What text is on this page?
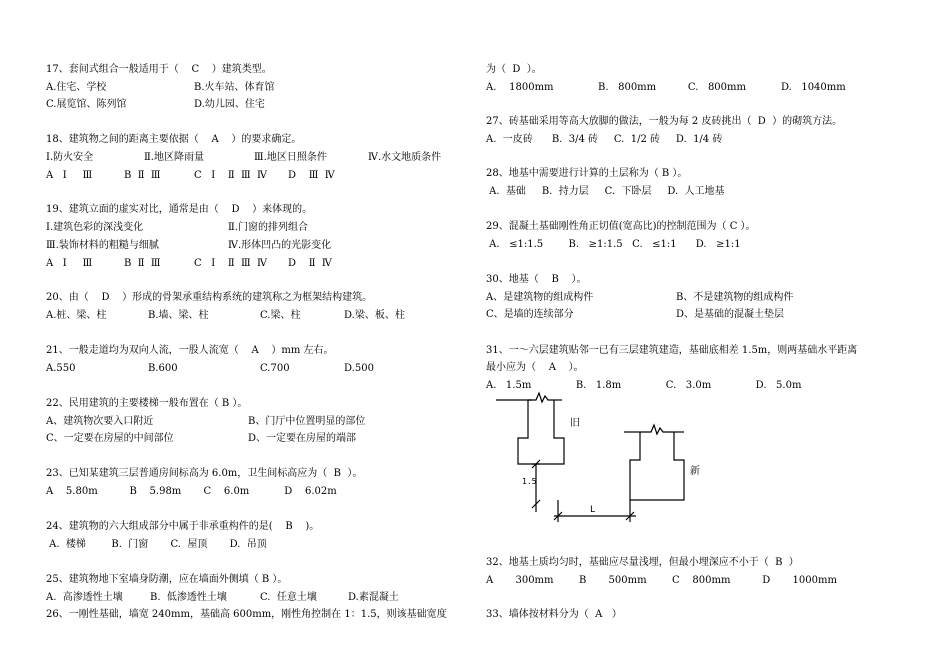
17、套间式组合一般适用于（    C    ）建筑类型。
A.住宅、学校	B.火车站、体育馆
C.展览馆、陈列馆	D.幼儿园、住宅
18、建筑物之间的距离主要依据（    A    ）的要求确定。
Ⅰ.防火安全	Ⅱ.地区降雨量	Ⅲ.地区日照条件	Ⅳ.水文地质条件
A   I     Ⅲ	B  Ⅱ  Ⅲ	C   I    Ⅱ  Ⅲ  Ⅳ D    Ⅲ  Ⅳ
19、建筑立面的虚实对比，通常是由（    D    ）来体现的。
Ⅰ.建筑色彩的深浅变化	Ⅱ.门窗的排列组合
Ⅲ.装饰材料的粗糙与细腻	Ⅳ.形体凹凸的光影变化
A   I     Ⅲ	B  Ⅱ  Ⅲ	C   I    Ⅱ  Ⅲ  Ⅳ D    Ⅱ  Ⅳ
20、由（    D    ）形成的骨架承重结构系统的建筑称之为框架结构建筑。
A.桩、梁、柱	B.墙、梁、柱	C.梁、柱	D.梁、板、柱
21、一般走道均为双向人流，一股人流宽（    A    ）mm 左右。
A.550	B.600	C.700	D.500
22、民用建筑的主要楼梯一般布置在（ B ）。
A、建筑物次要入口附近	B、门厅中位置明显的部位
C、一定要在房屋的中间部位	D、一定要在房屋的端部
23、已知某建筑三层普通房间标高为 6.0m，卫生间标高应为（  B  ）。
A    5.80m          B    5.98m       C    6.0m           D    6.02m
24、建筑物的六大组成部分中属于非承重构件的是(    B    )。
A.  楼梯        B.  门窗       C.  屋顶       D.  吊顶
25、建筑物地下室墙身防潮，应在墙面外侧填（ B ）。
A.  高渗透性土壤	B.  低渗透性土壤	C.  任意土壤	D.素混凝土
26、一刚性基础，墙宽 240mm，基础高 600mm，刚性角控制在 1：1.5，则该基础宽度
为（  D  ）。
A.    1800mm              B.   800mm          C.   800mm           D.   1040mm
27、砖基础采用等高大放脚的做法，一般为每 2 皮砖挑出（  D  ）的砌筑方法。
A.  一皮砖      B.  3/4 砖     C.  1/2 砖     D.  1/4 砖
28、地基中需要进行计算的土层称为（ B ）。
A.  基础     B.  持力层     C.  下卧层     D.  人工地基
29、混凝土基础刚性角正切值(宽高比)的控制范围为（ C ）。
A.   ≤1:1.5        B.   ≥1:1.5   C.   ≤1:1      D.   ≥1:1
30、地基（    B    ）。
A、是建筑物的组成构件	B、不是建筑物的组成构件
C、是墙的连续部分	D、是基础的混凝土垫层
31、一～六层建筑贴邻一已有三层建筑建造，基础底相差 1.5m，则两基础水平距离
最小应为（    A    ）。
A.   1.5m              B.   1.8m              C.   3.0m              D.   5.0m
32、地基土质均匀时，基础应尽量浅埋，但最小埋深应不小于（  B  ）
A       300mm        B       500mm        C    800mm          D       1000mm
33、墙体按材料分为（  A   ）
旧
新
1.5
L
